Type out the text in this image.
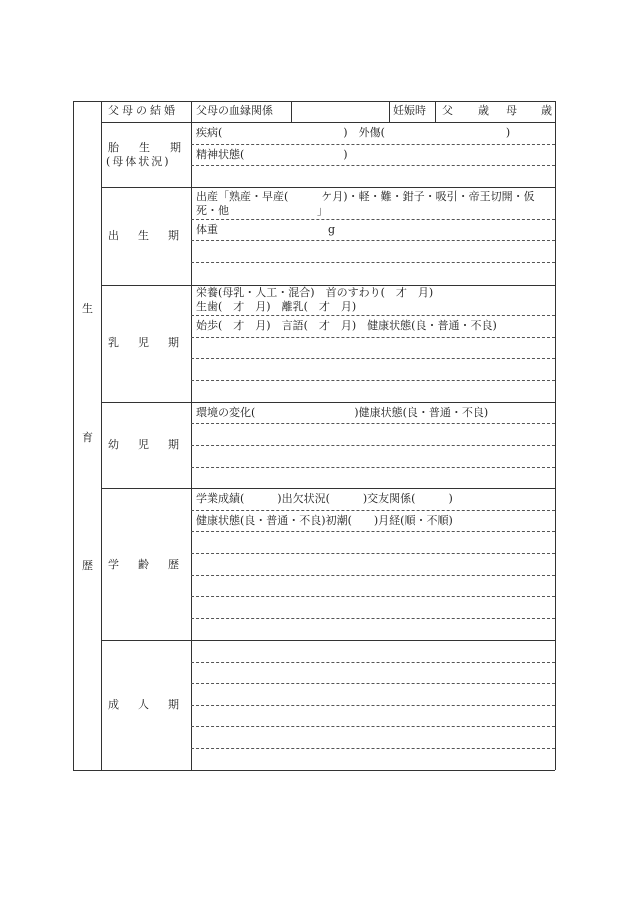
生
育
歴
父母の結婚 父母の血縁関係	妊娠時 父 歳 母 歳
胎生期
(母体状況)
疾病(　　　　　　　　　　　)　外傷(　　　　　　　　　　　)
精神状態(　　　　　　　　　)
出生期
出産「熟産・早産(　　　ケ月)・軽・難・鉗子・吸引・帝王切開・仮
死・他　　　　　　　　」
体重　　　　　　　　　　g
乳児期
栄養(母乳・人工・混合)　首のすわり(　才　月)
生歯(　才　月)　離乳(　才　月)
始歩(　才　月)　言語(　才　月)　健康状態(良・普通・不良)
幼児期
環境の変化(　　　　　　　　　)健康状態(良・普通・不良)
学齢歴
学業成績(　　　)出欠状況(　　　)交友関係(　　　)
健康状態(良・普通・不良)初潮(　　)月経(順・不順)
成人期
